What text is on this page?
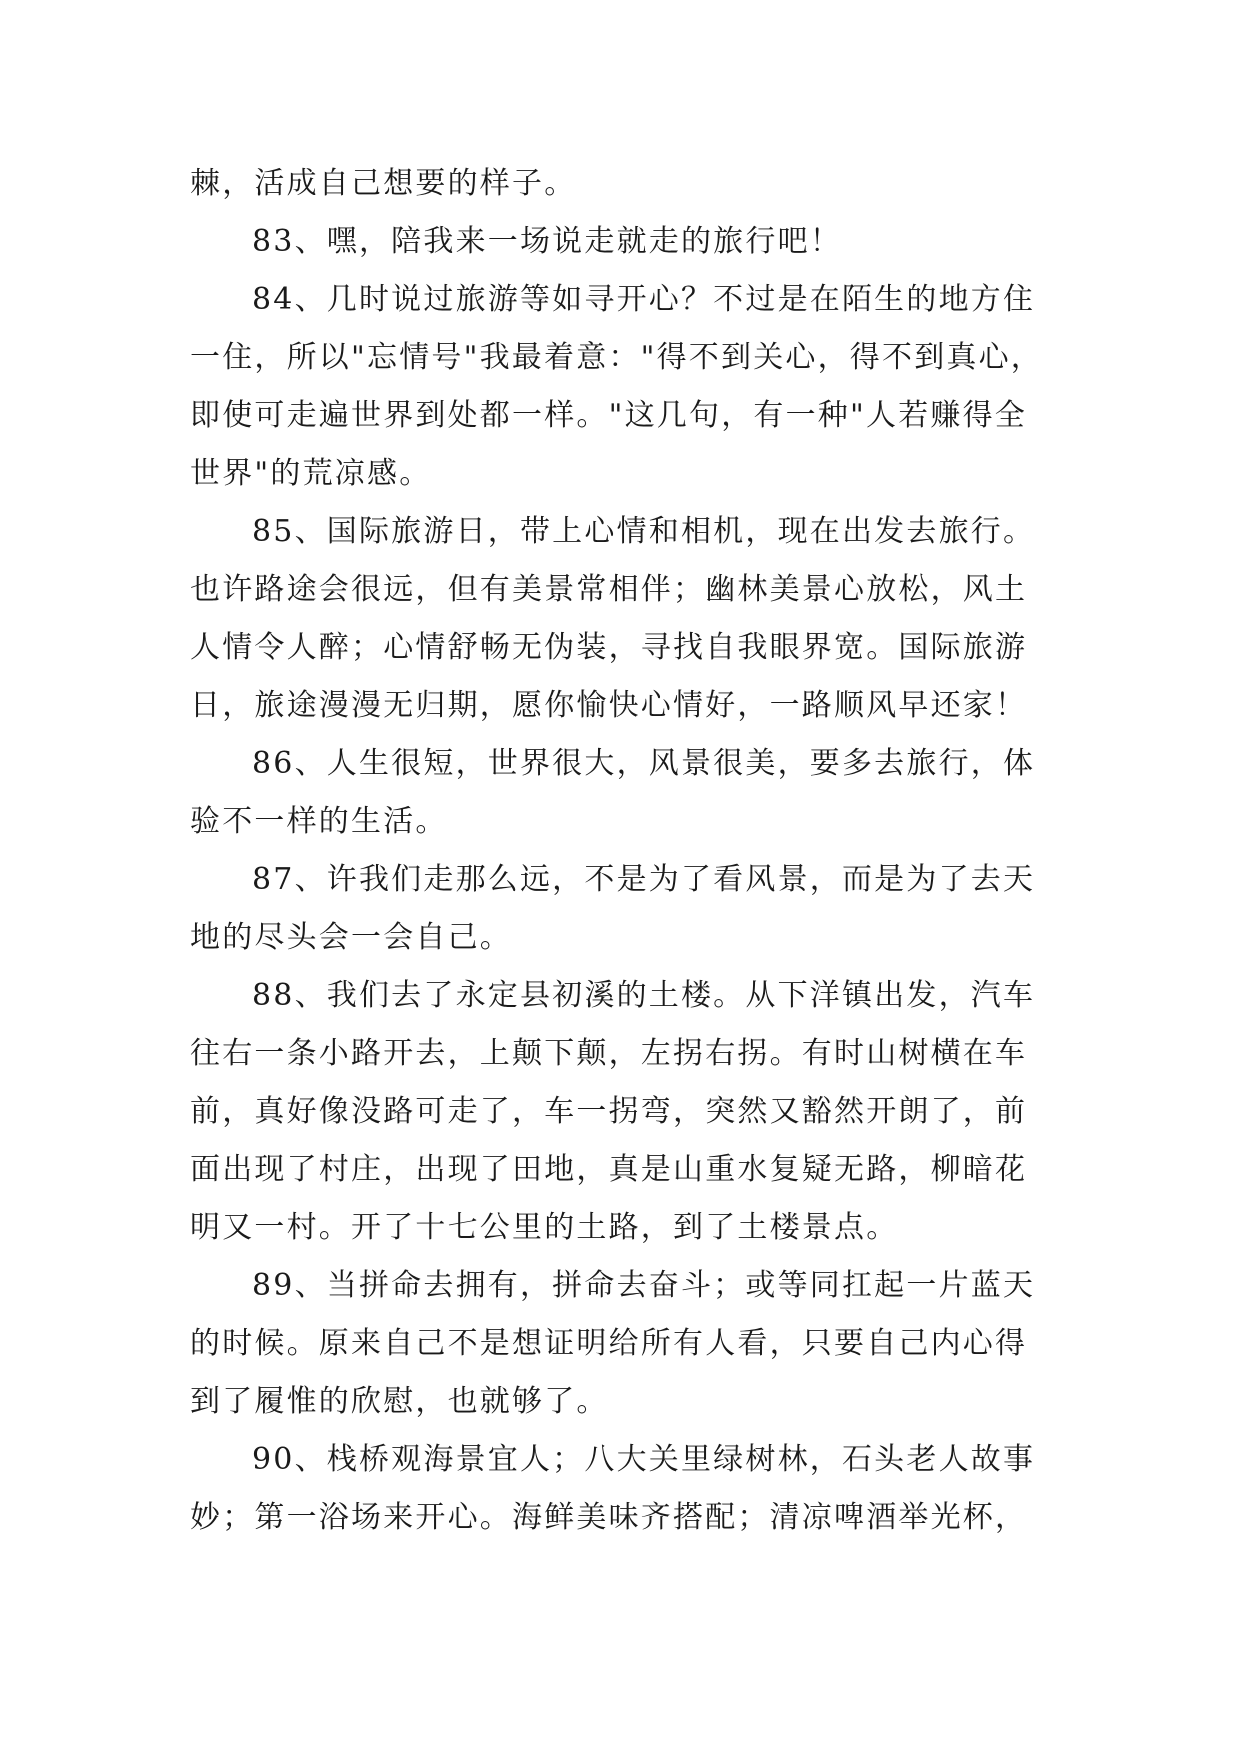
棘，活成自己想要的样子。
83、嘿，陪我来一场说走就走的旅行吧！
84、几时说过旅游等如寻开心？不过是在陌生的地方住
一住，所以"忘情号"我最着意："得不到关心，得不到真心，
即使可走遍世界到处都一样。"这几句，有一种"人若赚得全
世界"的荒凉感。
85、国际旅游日，带上心情和相机，现在出发去旅行。
也许路途会很远，但有美景常相伴；幽林美景心放松，风土
人情令人醉；心情舒畅无伪装，寻找自我眼界宽。国际旅游
日，旅途漫漫无归期，愿你愉快心情好，一路顺风早还家！
86、人生很短，世界很大，风景很美，要多去旅行，体
验不一样的生活。
87、许我们走那么远，不是为了看风景，而是为了去天
地的尽头会一会自己。
88、我们去了永定县初溪的土楼。从下洋镇出发，汽车
往右一条小路开去，上颠下颠，左拐右拐。有时山树横在车
前，真好像没路可走了，车一拐弯，突然又豁然开朗了，前
面出现了村庄，出现了田地，真是山重水复疑无路，柳暗花
明又一村。开了十七公里的土路，到了土楼景点。
89、当拼命去拥有，拼命去奋斗；或等同扛起一片蓝天
的时候。原来自己不是想证明给所有人看，只要自己内心得
到了履惟的欣慰，也就够了。
90、栈桥观海景宜人；八大关里绿树林，石头老人故事
妙；第一浴场来开心。海鲜美味齐搭配；清凉啤酒举光杯，
